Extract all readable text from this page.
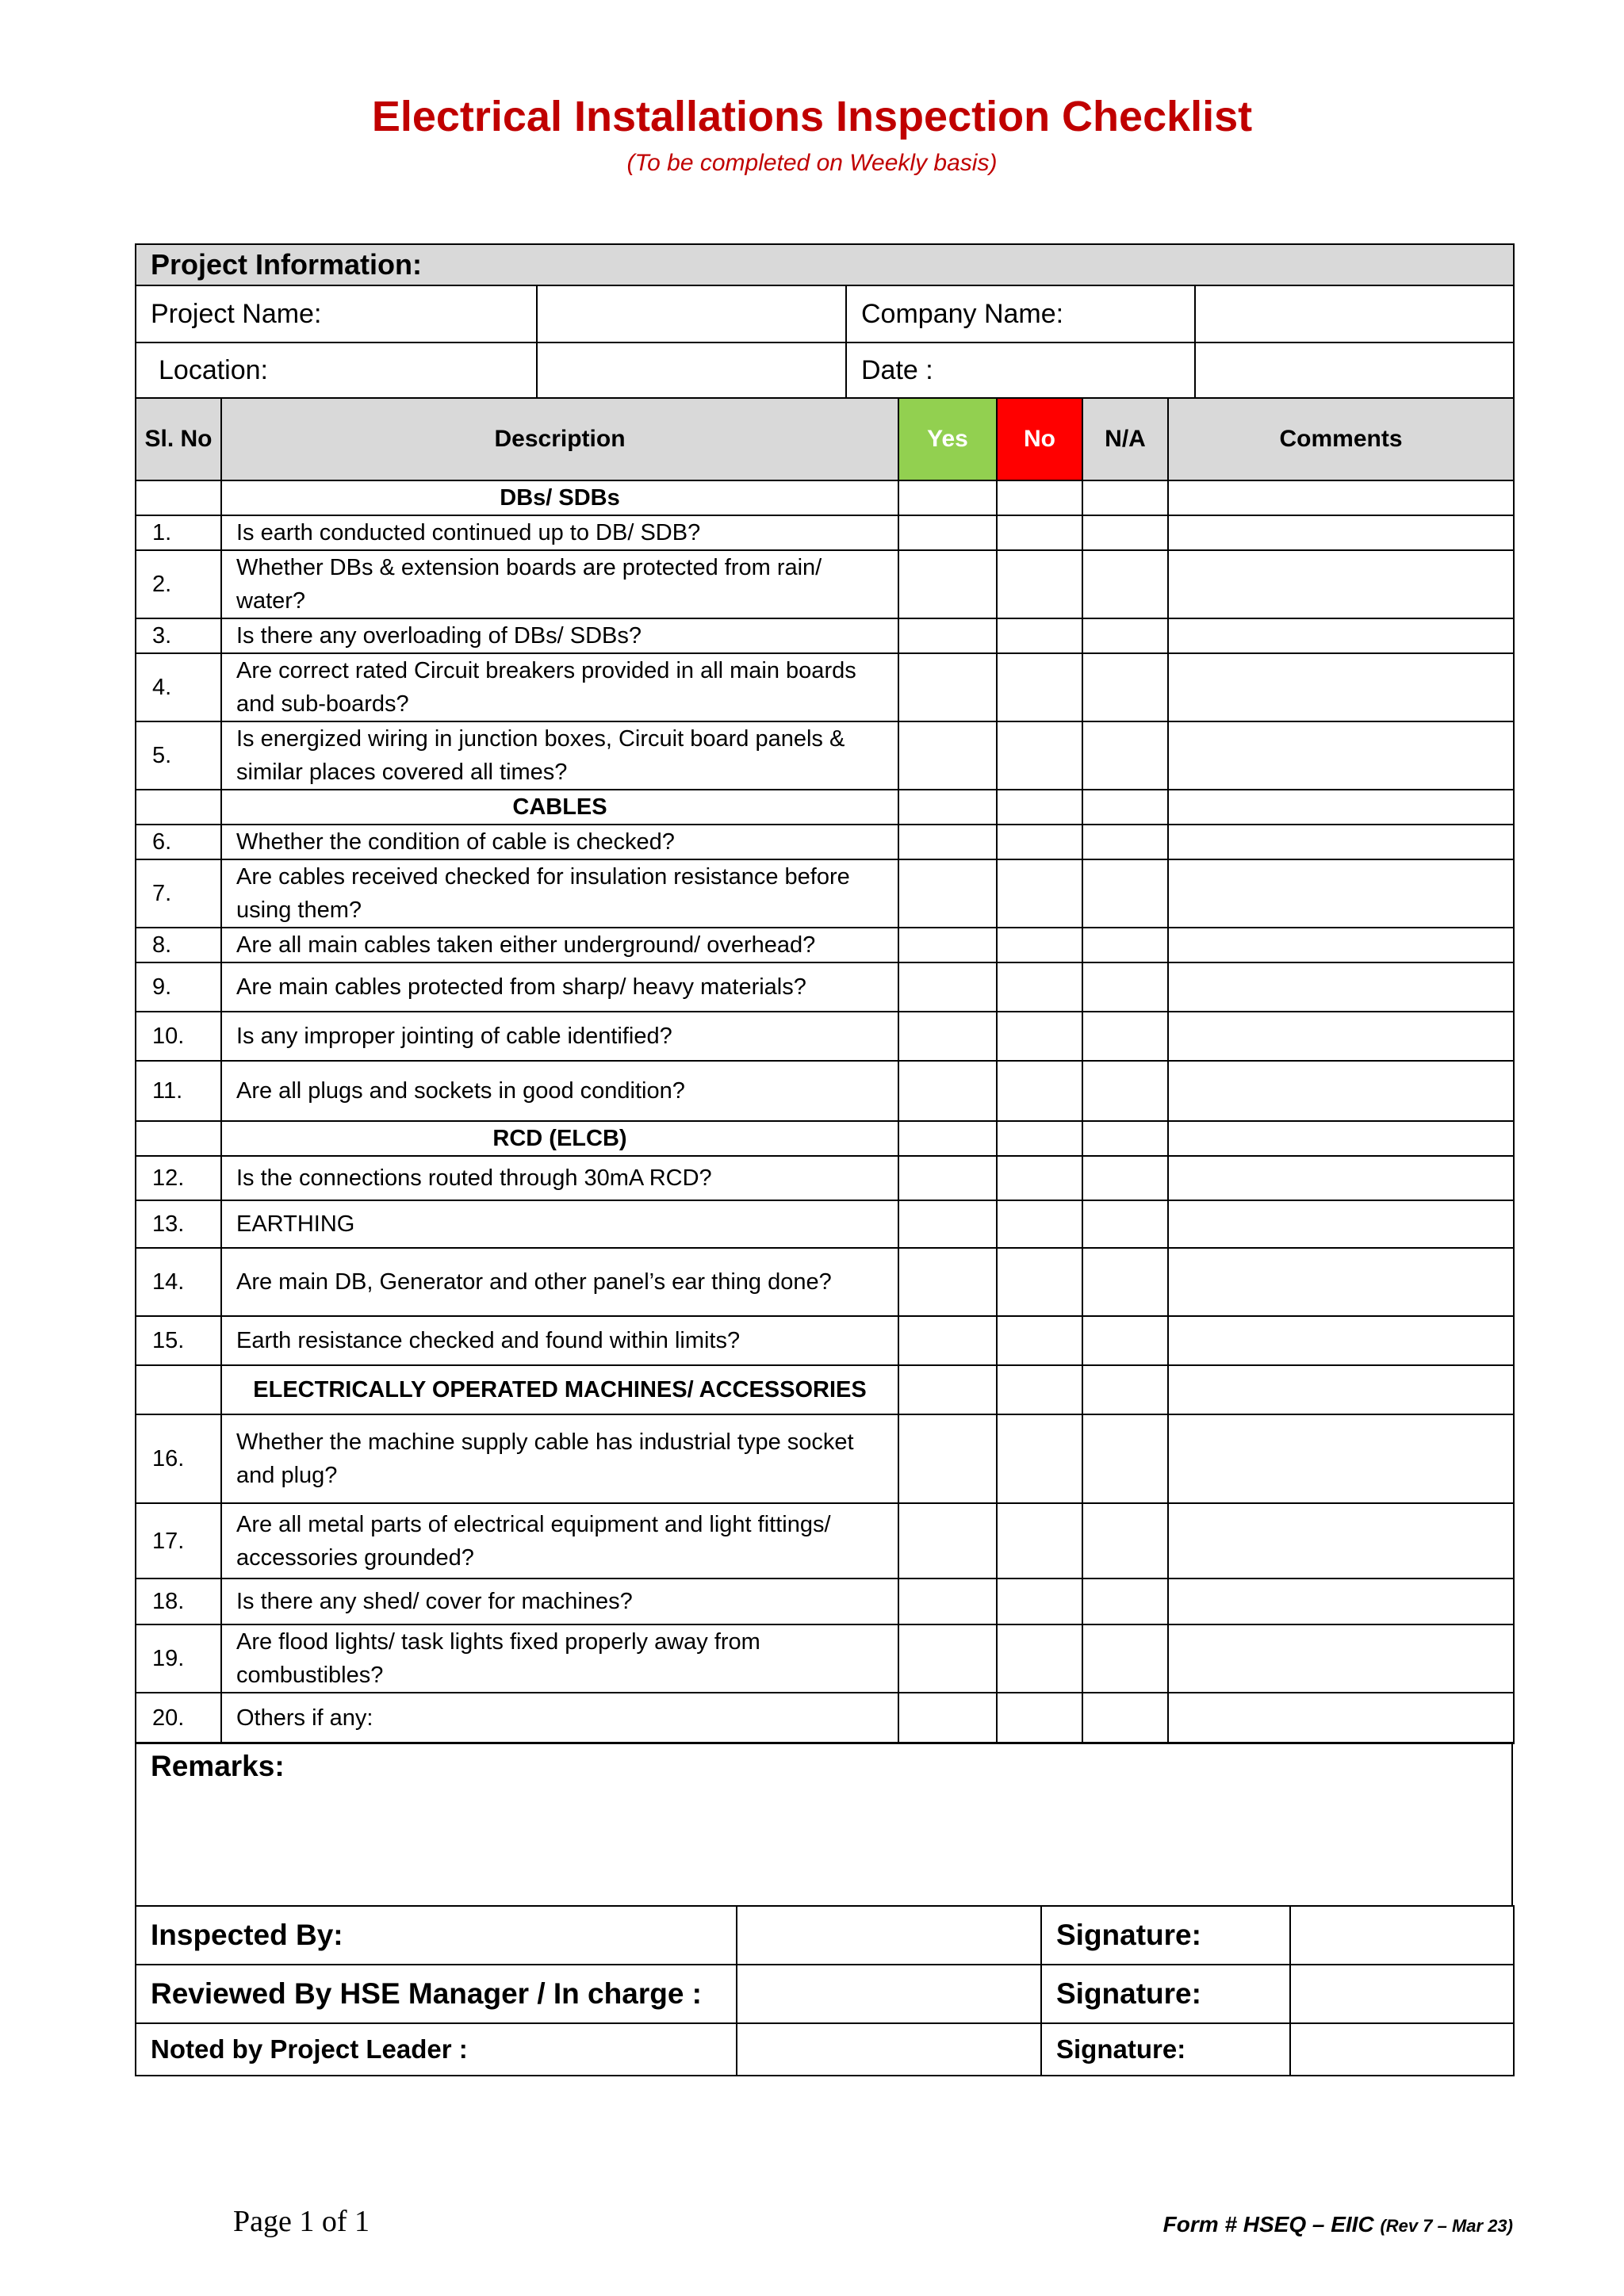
Electrical Installations Inspection Checklist
(To be completed on Weekly basis)
Project Information:			
Project Name:		Company Name:	
Location:		Date :	
Sl. No	Description	Yes	No	N/A	Comments
	DBs/ SDBs				
1.	Is earth conducted continued up to DB/ SDB?				
2.	Whether DBs & extension boards are protected from rain/ water?				
3.	Is there any overloading of DBs/ SDBs?				
4.	Are correct rated Circuit breakers provided in all main boards and sub-boards?				
5.	Is energized wiring in junction boxes, Circuit board panels & similar places covered all times?				
	CABLES				
6.	Whether the condition of cable is checked?				
7.	Are cables received checked for insulation resistance before using them?				
8.	Are all main cables taken either underground/ overhead?				
9.	Are main cables protected from sharp/ heavy materials?				
10.	Is any improper jointing of cable identified?				
11.	Are all plugs and sockets in good condition?				
	RCD (ELCB)				
12.	Is the connections routed through 30mA RCD?				
13.	EARTHING				
14.	Are main DB, Generator and other panel’s ear thing done?				
15.	Earth resistance checked and found within limits?				
	ELECTRICALLY OPERATED MACHINES/ ACCESSORIES				
16.	Whether the machine supply cable has industrial type socket and plug?				
17.	Are all metal parts of electrical equipment and light fittings/ accessories grounded?				
18.	Is there any shed/ cover for machines?				
19.	Are flood lights/ task lights fixed properly away from combustibles?				
20.	Others if any:				
Remarks:
Inspected By:		Signature:	
Reviewed By HSE Manager / In charge :		Signature:	
Noted by Project Leader :		Signature:	
Page 1 of 1	Form # HSEQ – EIIC (Rev 7 – Mar 23)
